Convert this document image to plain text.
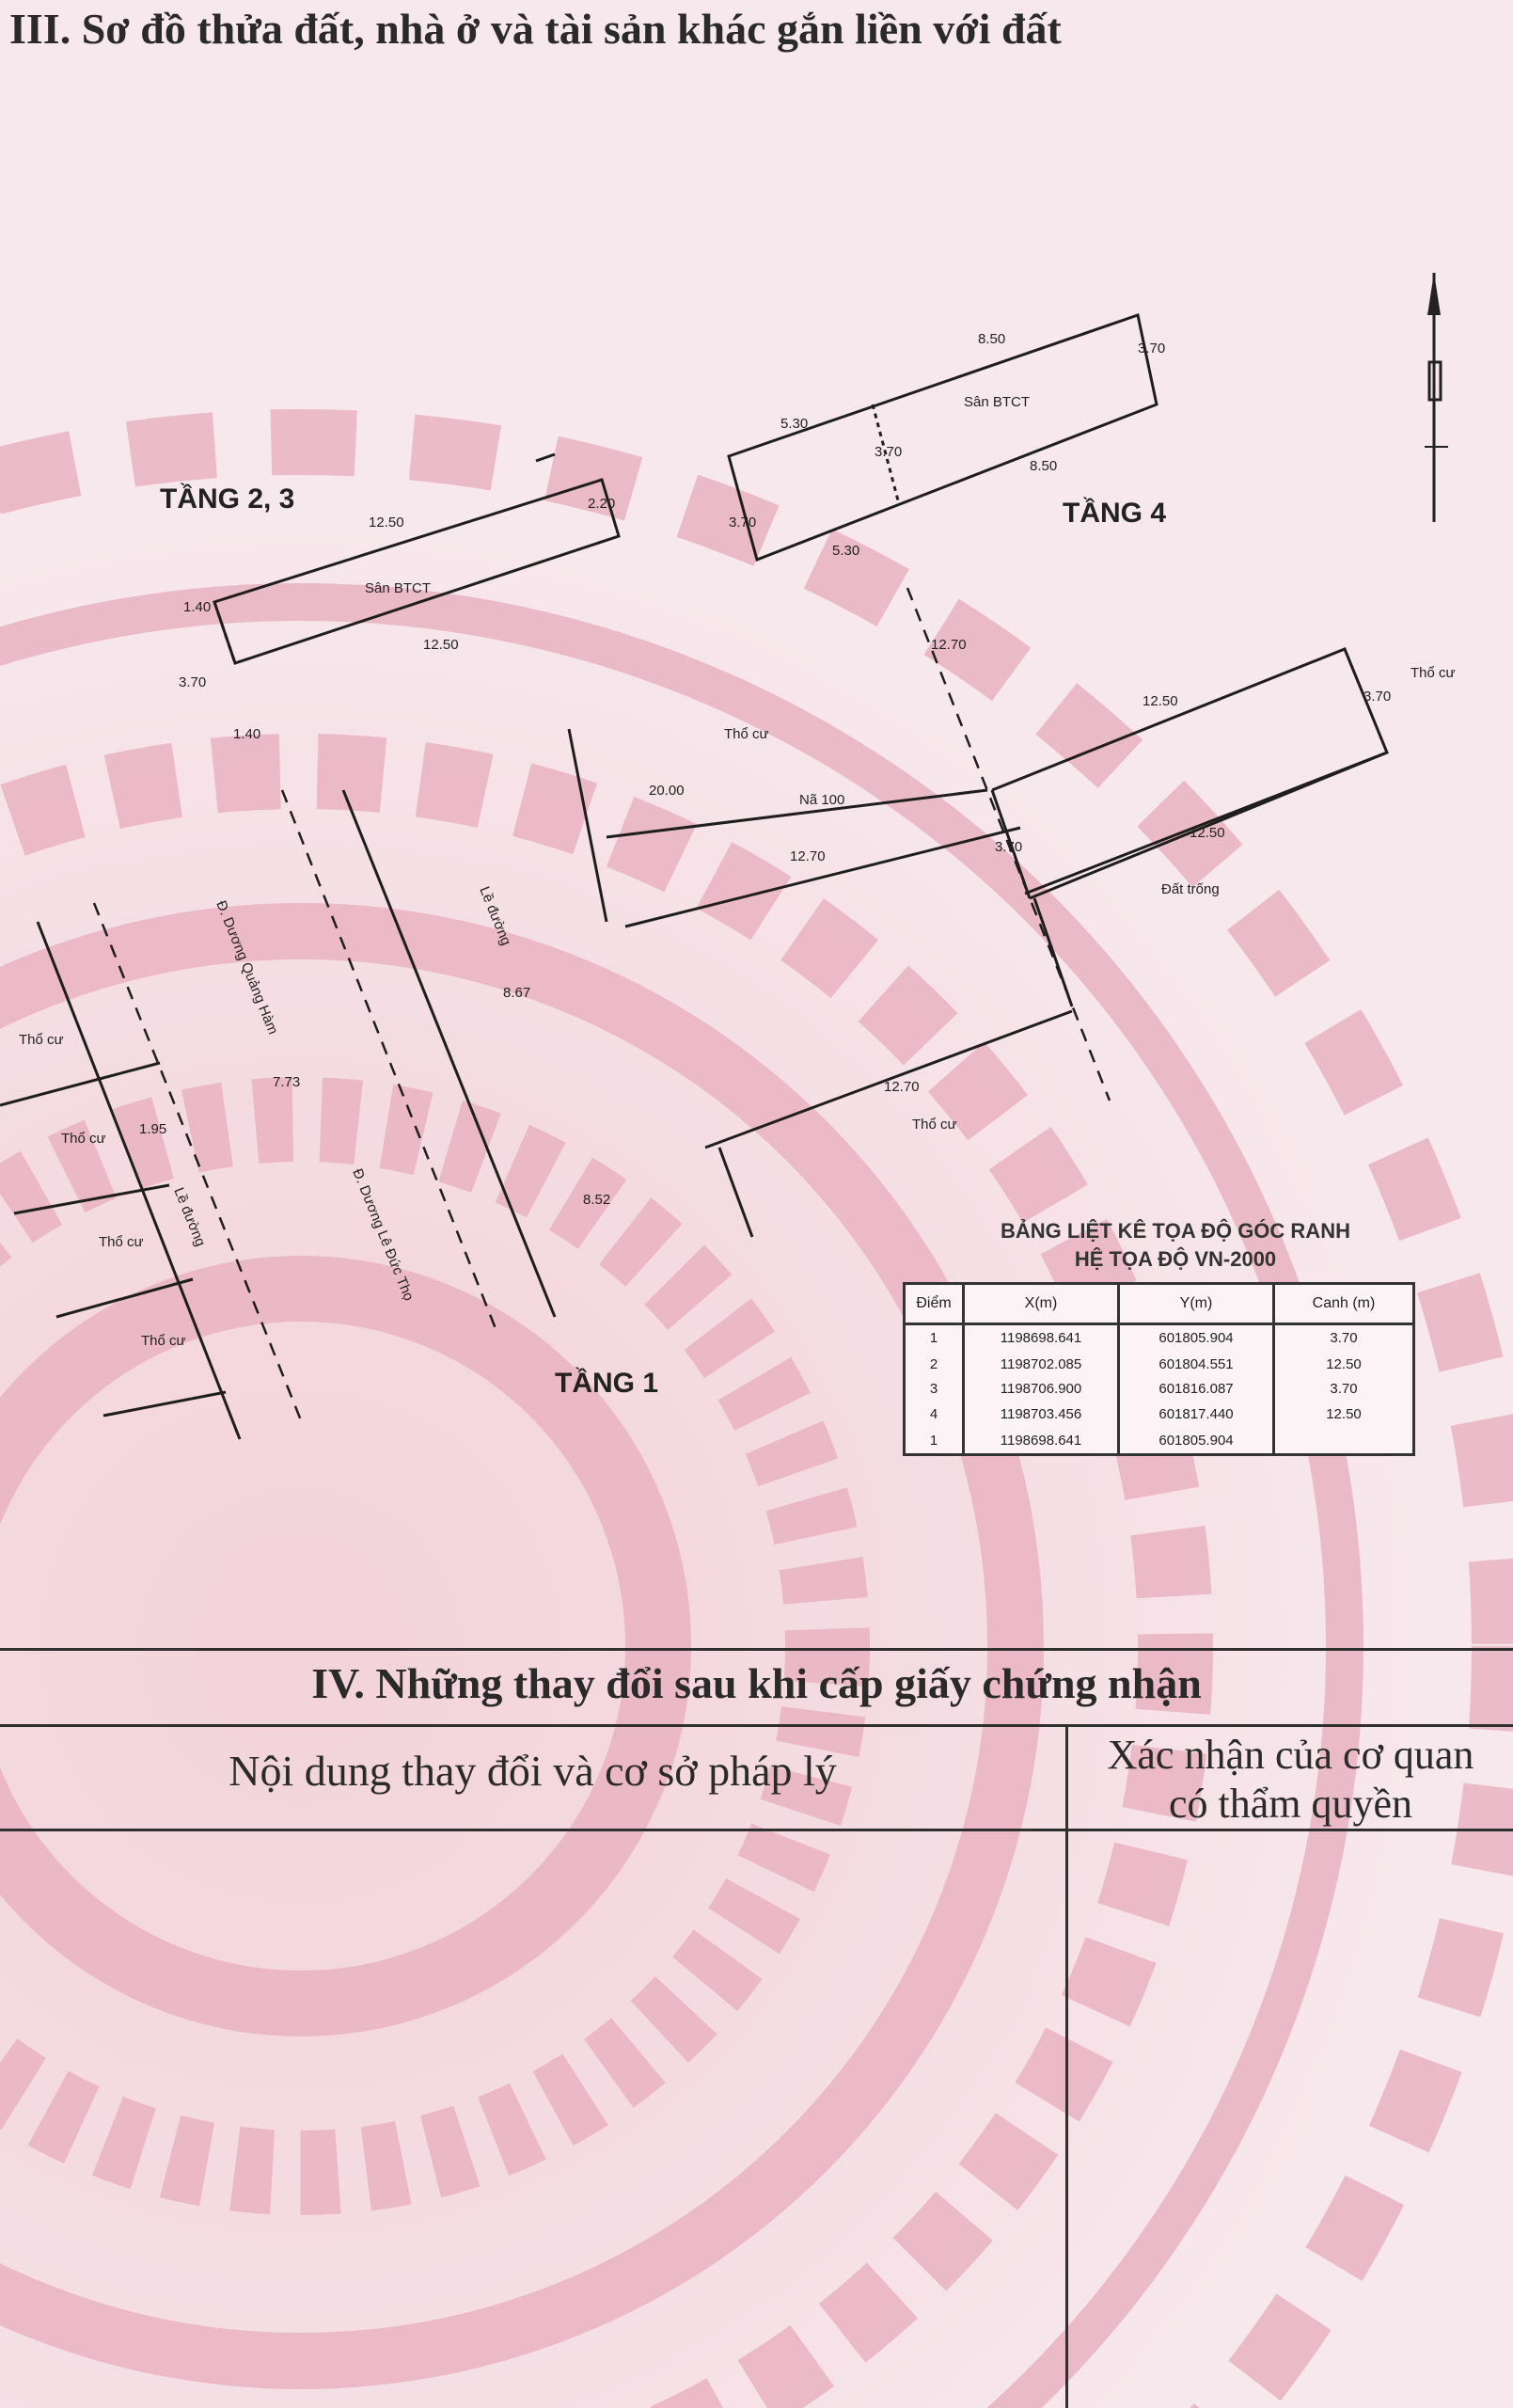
III. Sơ đồ thửa đất, nhà ở và tài sản khác gắn liền với đất
TẦNG 2, 3
Sân BTCT
12.50
12.50
1.40
1.40
3.70
2.20	TẦNG 4
Sân BTCT
8.50
8.50
5.30
5.30
3.70
3.70
3.70
TẦNG 1
20.00
12.70
12.70
12.50
12.50
3.70
3.70
12.70
Nã 100
Đất trống
Thổ cư
Thổ cư
Thổ cư
Thổ cư
Thổ cư
Thổ cư
Thổ cư
Đ. Dương Quảng Hàm
Lề đường	Đ. Dương Lê Đức Thọ
Lề đường
7.73
8.67
8.52
1.95
BẢNG LIỆT KÊ TỌA ĐỘ GÓC RANH
HỆ TỌA ĐỘ VN-2000
Điểm	X(m)	Y(m)	Canh (m)
1	1198698.641	601805.904	3.70
2	1198702.085	601804.551	12.50
3	1198706.900	601816.087	3.70
4	1198703.456	601817.440	12.50
1	1198698.641	601805.904	
IV. Những thay đổi sau khi cấp giấy chứng nhận
Nội dung thay đổi và cơ sở pháp lý	Xác nhận của cơ quan
có thẩm quyền
